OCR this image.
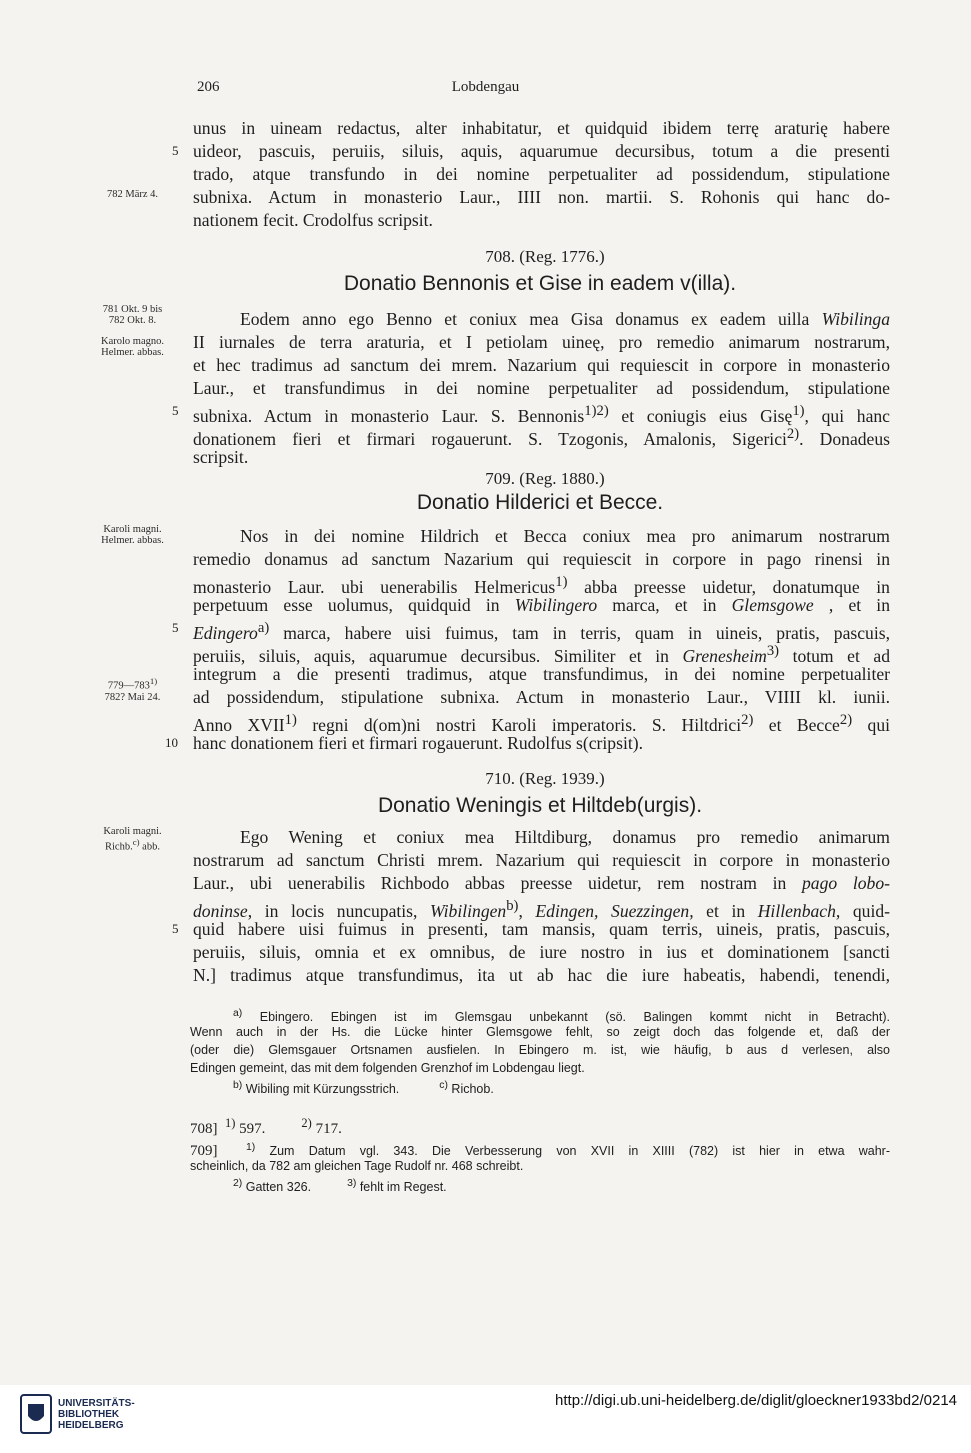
206	Lobdengau
unus in uineam redactus, alter inhabitatur, et quidquid ibidem terrę araturię habere
5 uideor, pascuis, peruiis, siluis, aquis, aquarumue decursibus, totum a die presenti
trado, atque transfundo in dei nomine perpetualiter ad possidendum, stipulatione
782 März 4.	subnixa. Actum in monasterio Laur., IIII non. martii. S. Rohonis qui hanc do-
nationem fecit. Crodolfus scripsit.
708. (Reg. 1776.)
Donatio Bennonis et Gise in eadem v(illa).
781 Okt. 9 bis
782 Okt. 8.
Karolo magno.
Helmer. abbas.
Eodem anno ego Benno et coniux mea Gisa donamus ex eadem uilla Wibilinga
II iurnales de terra araturia, et I petiolam uineę, pro remedio animarum nostrarum,
et hec tradimus ad sanctum dei mrem. Nazarium qui requiescit in corpore in monasterio
Laur., et transfundimus in dei nomine perpetualiter ad possidendum, stipulatione
5 subnixa. Actum in monasterio Laur. S. Bennonis$^{1)2)}$ et coniugis eius Gisę$^{1)}$, qui hanc
donationem fieri et firmari rogauerunt. S. Tzogonis, Amalonis, Sigerici$^{2)}$. Donadeus
scripsit.
709. (Reg. 1880.)
Donatio Hilderici et Becce.
Karoli magni.
Helmer. abbas.	Nos in dei nomine Hildrich et Becca coniux mea pro animarum nostrarum
remedio donamus ad sanctum Nazarium qui requiescit in corpore in pago rinensi in
monasterio Laur. ubi uenerabilis Helmericus$^{1)}$ abba preesse uidetur, donatumque in
perpetuum esse uolumus, quidquid in Wibilingero marca, et in Glemsgowe , et in
5 Edingero$^{a)}$ marca, habere uisi fuimus, tam in terris, quam in uineis, pratis, pascuis,
peruiis, siluis, aquis, aquarumue decursibus. Similiter et in Grenesheim$^{3)}$ totum et ad
integrum a die presenti tradimus, atque transfundimus, in dei nomine perpetualiter
779—783$^{1)}$
782? Mai 24.	ad possidendum, stipulatione subnixa. Actum in monasterio Laur., VIIII kl. iunii.
Anno XVII$^{1)}$ regni d(om)ni nostri Karoli imperatoris. S. Hiltdrici$^{2)}$ et Becce$^{2)}$ qui
10 hanc donationem fieri et firmari rogauerunt. Rudolfus s(cripsit).
710. (Reg. 1939.)
Donatio Weningis et Hiltdeb(urgis).
Karoli magni.
Richb.$^{c)}$ abb.	Ego Wening et coniux mea Hiltdiburg, donamus pro remedio animarum
nostrarum ad sanctum Christi mrem. Nazarium qui requiescit in corpore in monasterio
Laur., ubi uenerabilis Richbodo abbas preesse uidetur, rem nostram in pago lobo-
doninse, in locis nuncupatis, Wibilingen$^{b)}$, Edingen, Suezzingen, et in Hillenbach, quid-
5 quid habere uisi fuimus in presenti, tam mansis, quam terris, uineis, pratis, pascuis,
peruiis, siluis, omnia et ex omnibus, de iure nostro in ius et dominationem [sancti
N.] tradimus atque transfundimus, ita ut ab hac die iure habeatis, habendi, tenendi,
$^{a)}$ Ebingero. Ebingen ist im Glemsgau unbekannt (sö. Balingen kommt nicht in Betracht).
Wenn auch in der Hs. die Lücke hinter Glemsgowe fehlt, so zeigt doch das folgende et, daß der
(oder die) Glemsgauer Ortsnamen ausfielen. In Ebingero m. ist, wie häufig, b aus d verlesen, also
Edingen gemeint, das mit dem folgenden Grenzhof im Lobdengau liegt.
$^{b)}$ Wibiling mit Kürzungsstrich.	$^{c)}$ Richob.
708] $^{1)}$ 597.	$^{2)}$ 717.
709]	$^{1)}$ Zum Datum vgl. 343. Die Verbesserung von XVII in XIIII (782) ist hier in etwa wahr-
scheinlich, da 782 am gleichen Tage Rudolf nr. 468 schreibt.
$^{2)}$ Gatten 326.	$^{3)}$ fehlt im Regest.
UNIVERSITÄTS-
BIBLIOTHEK
HEIDELBERG
http://digi.ub.uni-heidelberg.de/diglit/gloeckner1933bd2/0214
